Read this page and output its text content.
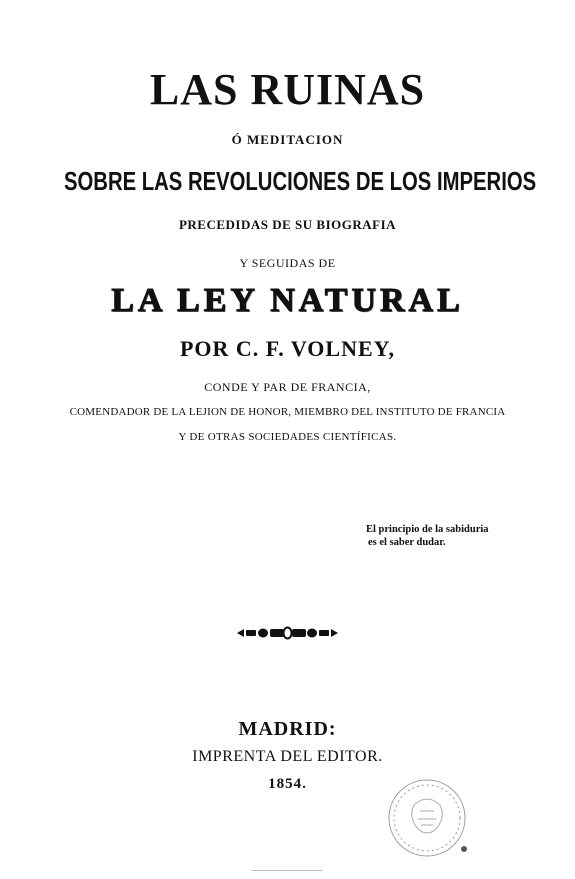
LAS RUINAS
Ó MEDITACION
SOBRE LAS REVOLUCIONES DE LOS IMPERIOS
PRECEDIDAS DE SU BIOGRAFIA
Y SEGUIDAS DE
LA LEY NATURAL
POR C. F. VOLNEY,
CONDE Y PAR DE FRANCIA,
COMENDADOR DE LA LEJION DE HONOR, MIEMBRO DEL INSTITUTO DE FRANCIA
Y DE OTRAS SOCIEDADES CIENTÍFICAS.
El principio de la sabiduria
es el saber dudar.
MADRID:
IMPRENTA DEL EDITOR.
1854.
